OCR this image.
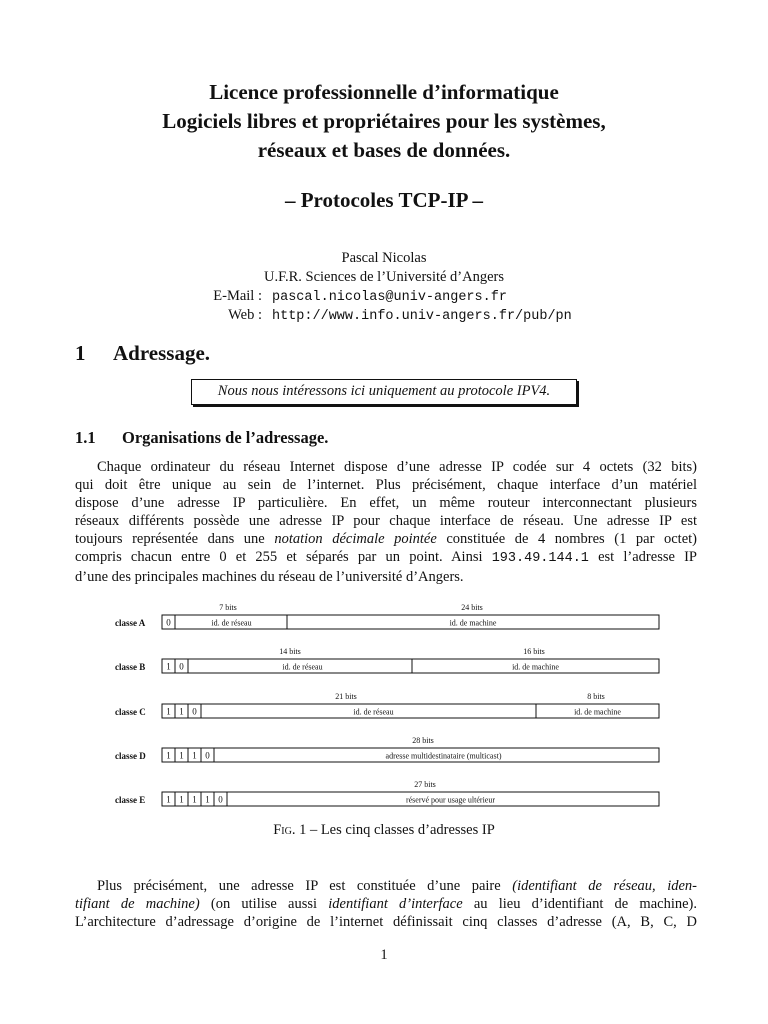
Licence professionnelle d’informatique
Logiciels libres et propriétaires pour les systèmes,
réseaux et bases de données.
– Protocoles TCP-IP –
Pascal Nicolas
U.F.R. Sciences de l’Université d’Angers
E-Mail : pascal.nicolas@univ-angers.fr
Web : http://www.info.univ-angers.fr/pub/pn
1 Adressage.
Nous nous intéressons ici uniquement au protocole IPV4.
1.1 Organisations de l’adressage.
Chaque ordinateur du réseau Internet dispose d’une adresse IP codée sur 4 octets (32 bits)
qui doit être unique au sein de l’internet. Plus précisément, chaque interface d’un matériel
dispose d’une adresse IP particulière. En effet, un même routeur interconnectant plusieurs
réseaux différents possède une adresse IP pour chaque interface de réseau. Une adresse IP est
toujours représentée dans une notation décimale pointée constituée de 4 nombres (1 par octet)
compris chacun entre 0 et 255 et séparés par un point. Ainsi 193.49.144.1 est l’adresse IP
d’une des principales machines du réseau de l’université d’Angers.
classe A 0	id. de réseau	id. de machine
7 bits	24 bits
classe B 1 0	id. de réseau	id. de machine
14 bits	16 bits
classe C 1 1 0	id. de réseau	id. de machine
21 bits	8 bits
classe D 1 1 1 0	adresse multidestinataire (multicast)
28 bits
classe E 1 1 1 1 0	réservé pour usage ultérieur
27 bits
Fig. 1 – Les cinq classes d’adresses IP
Plus précisément, une adresse IP est constituée d’une paire (identifiant de réseau, iden-
tifiant de machine) (on utilise aussi identifiant d’interface au lieu d’identifiant de machine).
L’architecture d’adressage d’origine de l’internet définissait cinq classes d’adresse (A, B, C, D
1
